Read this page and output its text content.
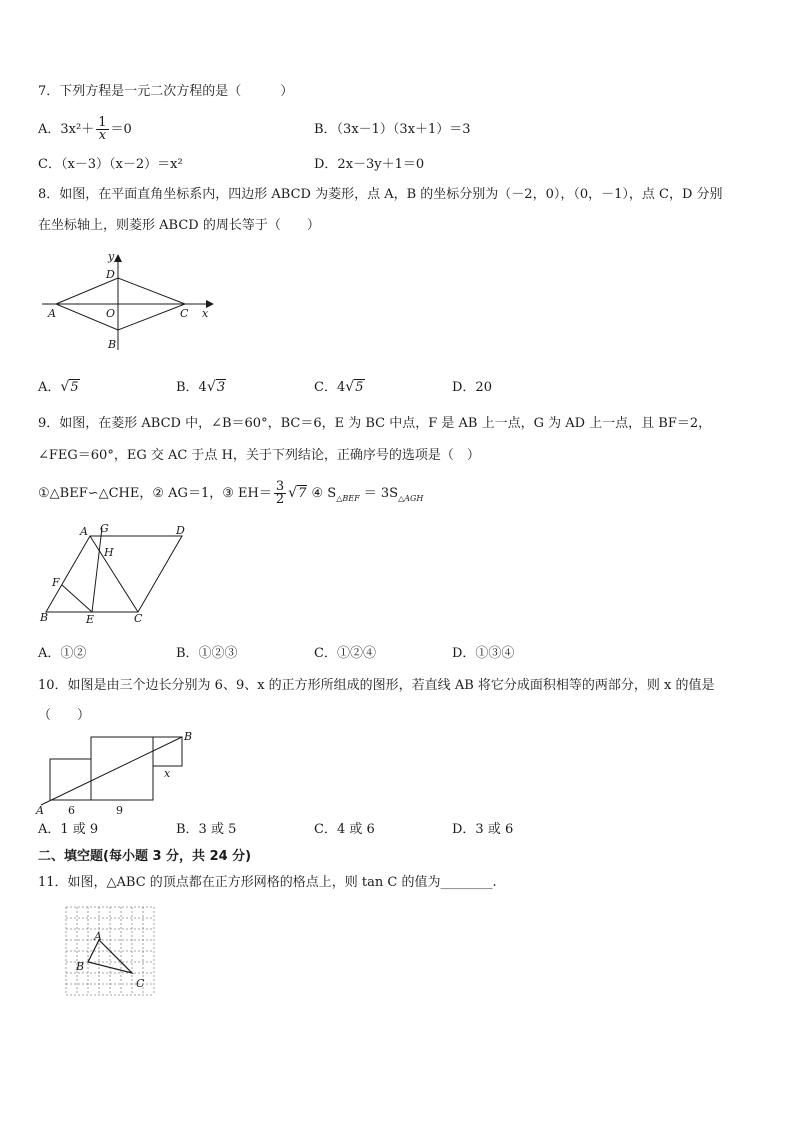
7．下列方程是一元二次方程的是（　　　）
A．$3x^2+ \frac{1}{x} =0$	B．（3x－1）（3x＋1）＝3
C．（x－3）（x－2）＝x²	D．2x－3y＋1＝0
8．如图，在平面直角坐标系内，四边形 ABCD 为菱形，点 A，B 的坐标分别为（－2，0），（0，－1），点 C，D 分别
在坐标轴上，则菱形 ABCD 的周长等于（　　）
y
D
A	O	C x
B
A． √ 5	B．4 √ 3	C．4 √ 5	D．20
9．如图，在菱形 ABCD 中，∠B＝60°，BC＝6，E 为 BC 中点，F 是 AB 上一点，G 为 AD 上一点，且 BF＝2，
∠FEG＝60°，EG 交 AC 于点 H，关于下列结论，正确序号的选项是（　）
①△BEF∽△CHE，② AG＝1，③ $EH= \frac{3}{2}$ √ 7 ④ $S_{\triangle BEF} = 3S_{\triangle AGH}$
A G	D
H
F
B	E	C
A．①②	B．①②③	C．①②④	D．①③④
10．如图是由三个边长分别为 6、9、x 的正方形所组成的图形，若直线 AB 将它分成面积相等的两部分，则 x 的值是
（　　）
A
B
x
6	9
A．1 或 9	B．3 或 5	C．4 或 6	D．3 或 6
二、填空题(每小题 3 分，共 24 分)
11．如图，△ABC 的顶点都在正方形网格的格点上，则 tan C 的值为________.
A
B
C
